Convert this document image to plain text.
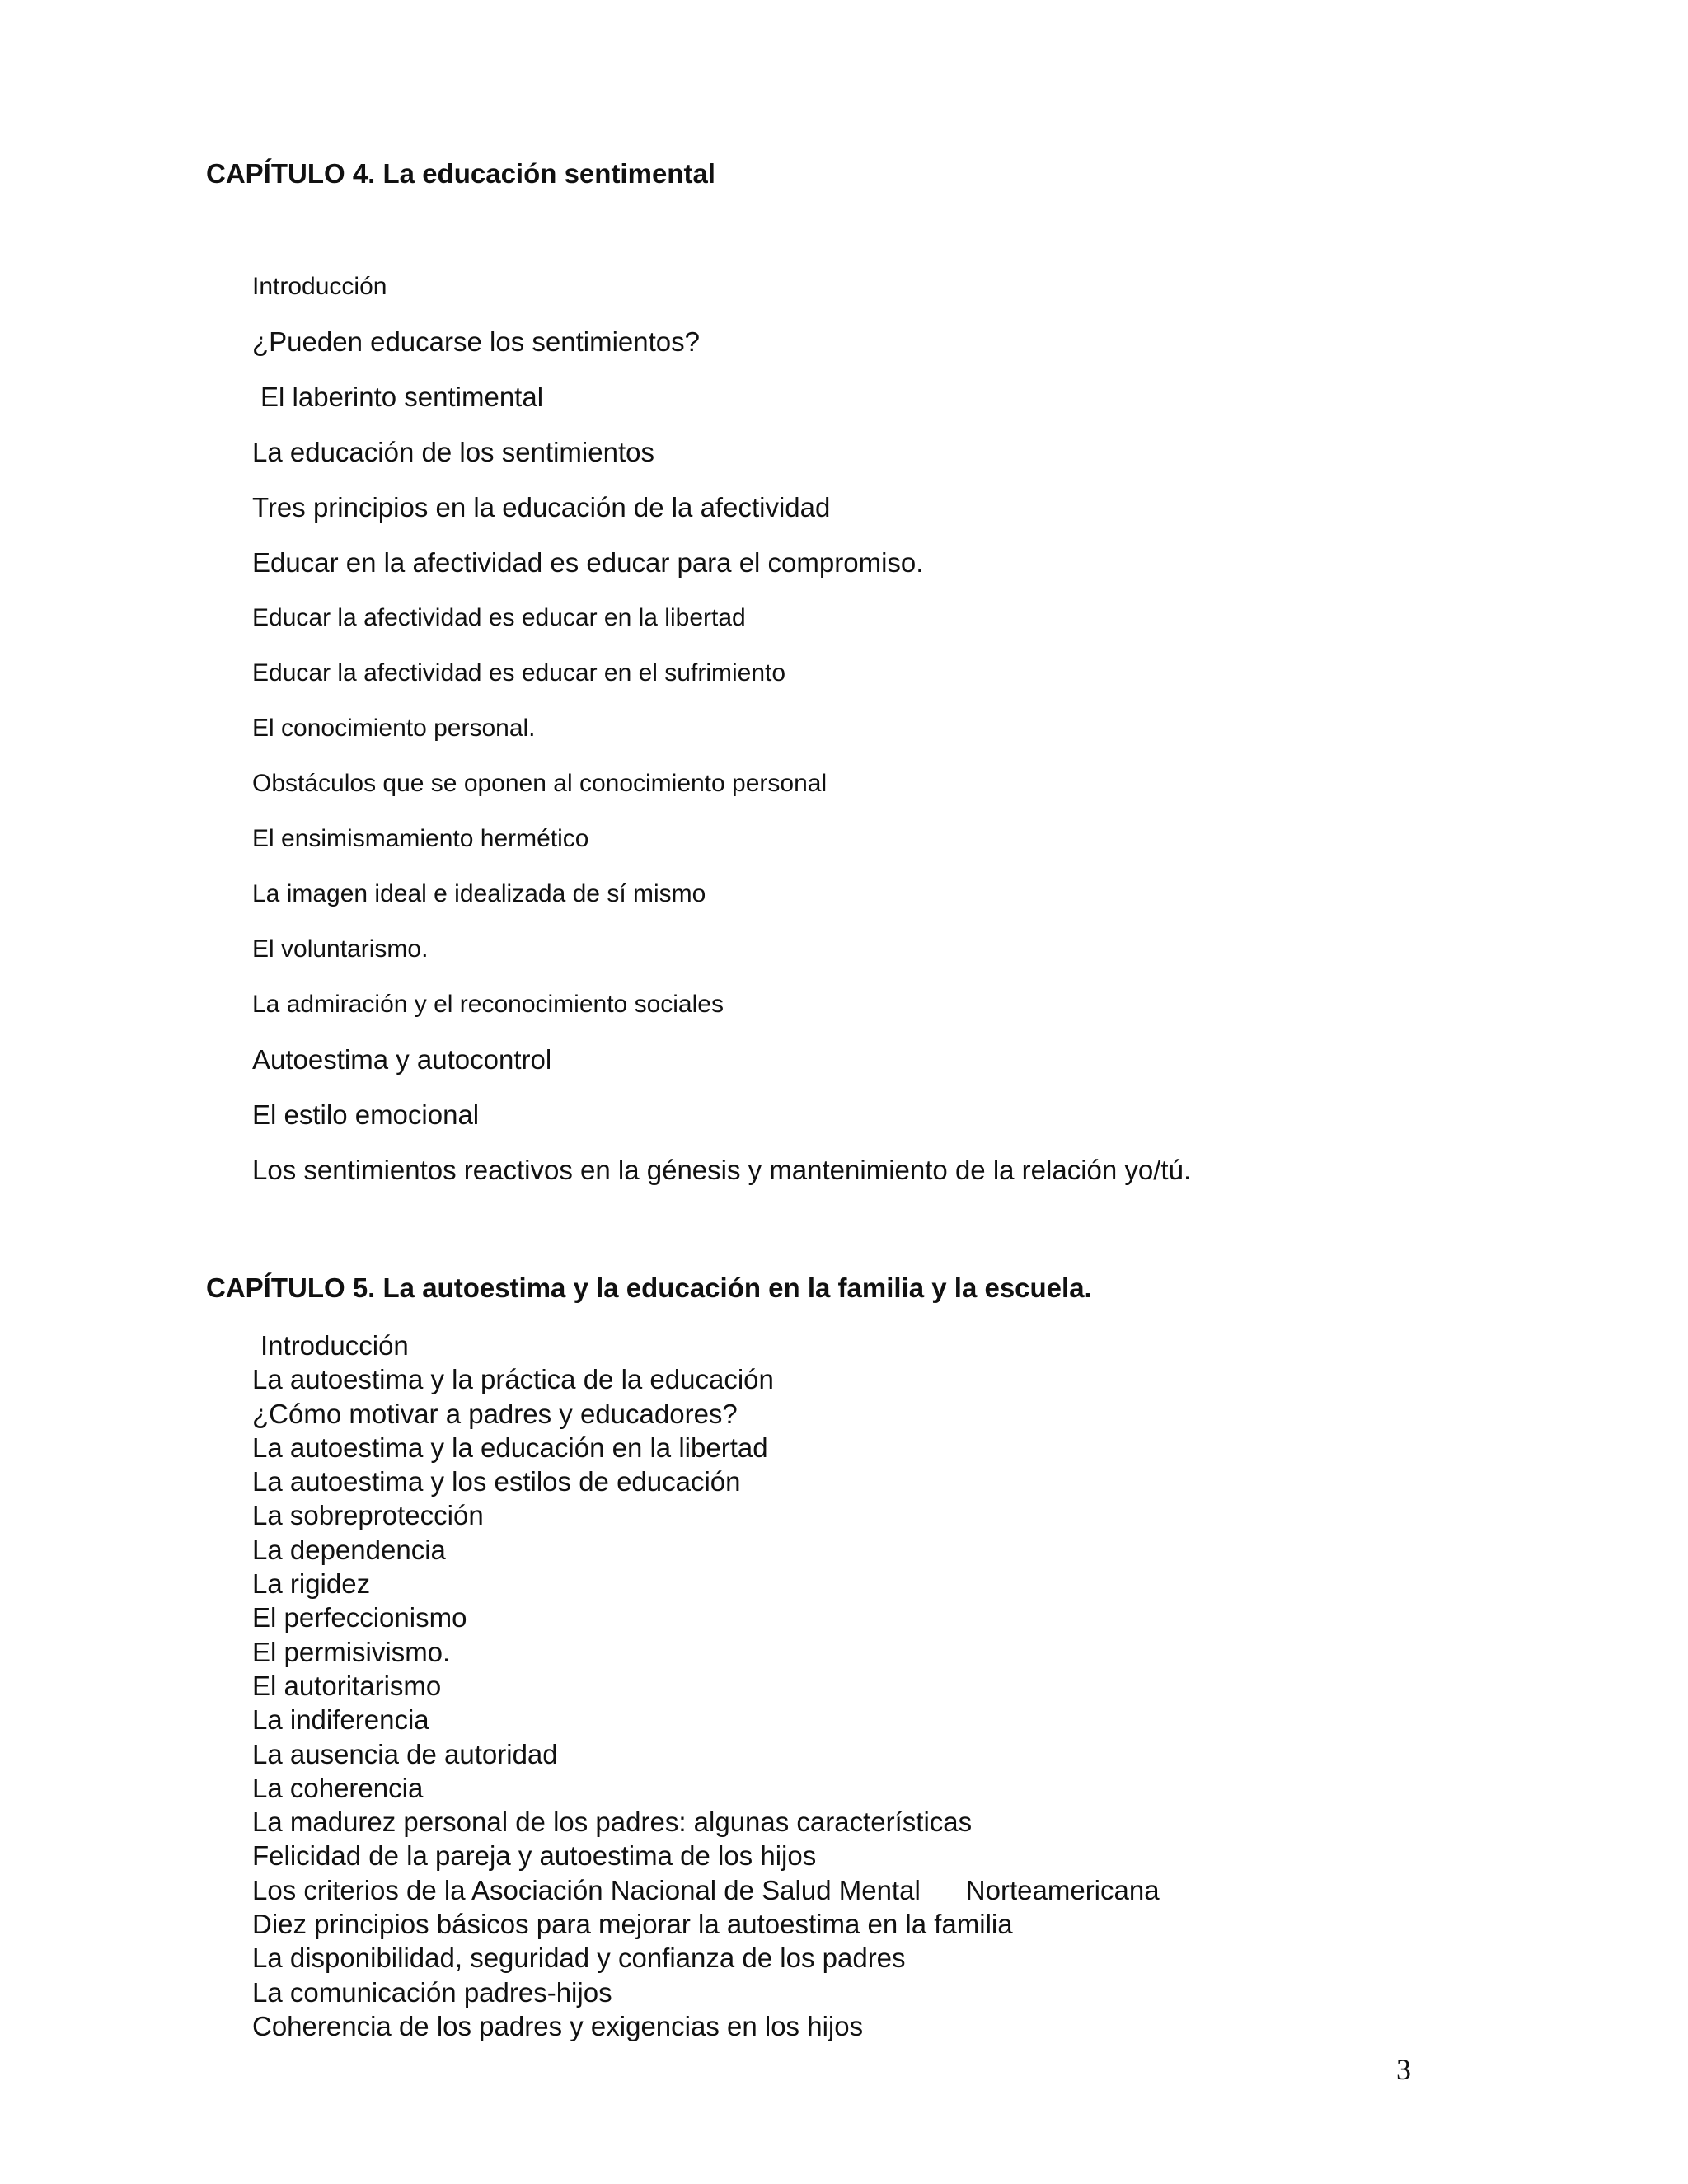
CAPÍTULO 4. La educación sentimental
Introducción
¿Pueden educarse los sentimientos?
El laberinto sentimental
La educación de los sentimientos
Tres principios en la educación de la afectividad
Educar en la afectividad es educar para el compromiso.
Educar la afectividad es educar en la libertad
Educar la afectividad es educar en el sufrimiento
El conocimiento personal.
Obstáculos que se oponen al conocimiento personal
El ensimismamiento hermético
La imagen ideal e idealizada de sí mismo
El voluntarismo.
La admiración y el reconocimiento sociales
Autoestima y autocontrol
El estilo emocional
Los sentimientos reactivos en la génesis y mantenimiento de la relación yo/tú.
CAPÍTULO 5. La autoestima y la educación en la familia y la escuela.
Introducción
La autoestima y la práctica de la educación
¿Cómo motivar a padres y educadores?
La autoestima y la educación en la libertad
La autoestima y los estilos de educación
La sobreprotección
La dependencia
La rigidez
El perfeccionismo
El permisivismo.
El autoritarismo
La indiferencia
La ausencia de autoridad
La coherencia
La madurez personal de los padres: algunas características
Felicidad de la pareja y autoestima de los hijos
Los criterios de la Asociación Nacional de Salud Mental      Norteamericana
Diez principios básicos para mejorar la autoestima en la familia
La disponibilidad, seguridad y confianza de los padres
La comunicación padres-hijos
Coherencia de los padres y exigencias en los hijos
3
